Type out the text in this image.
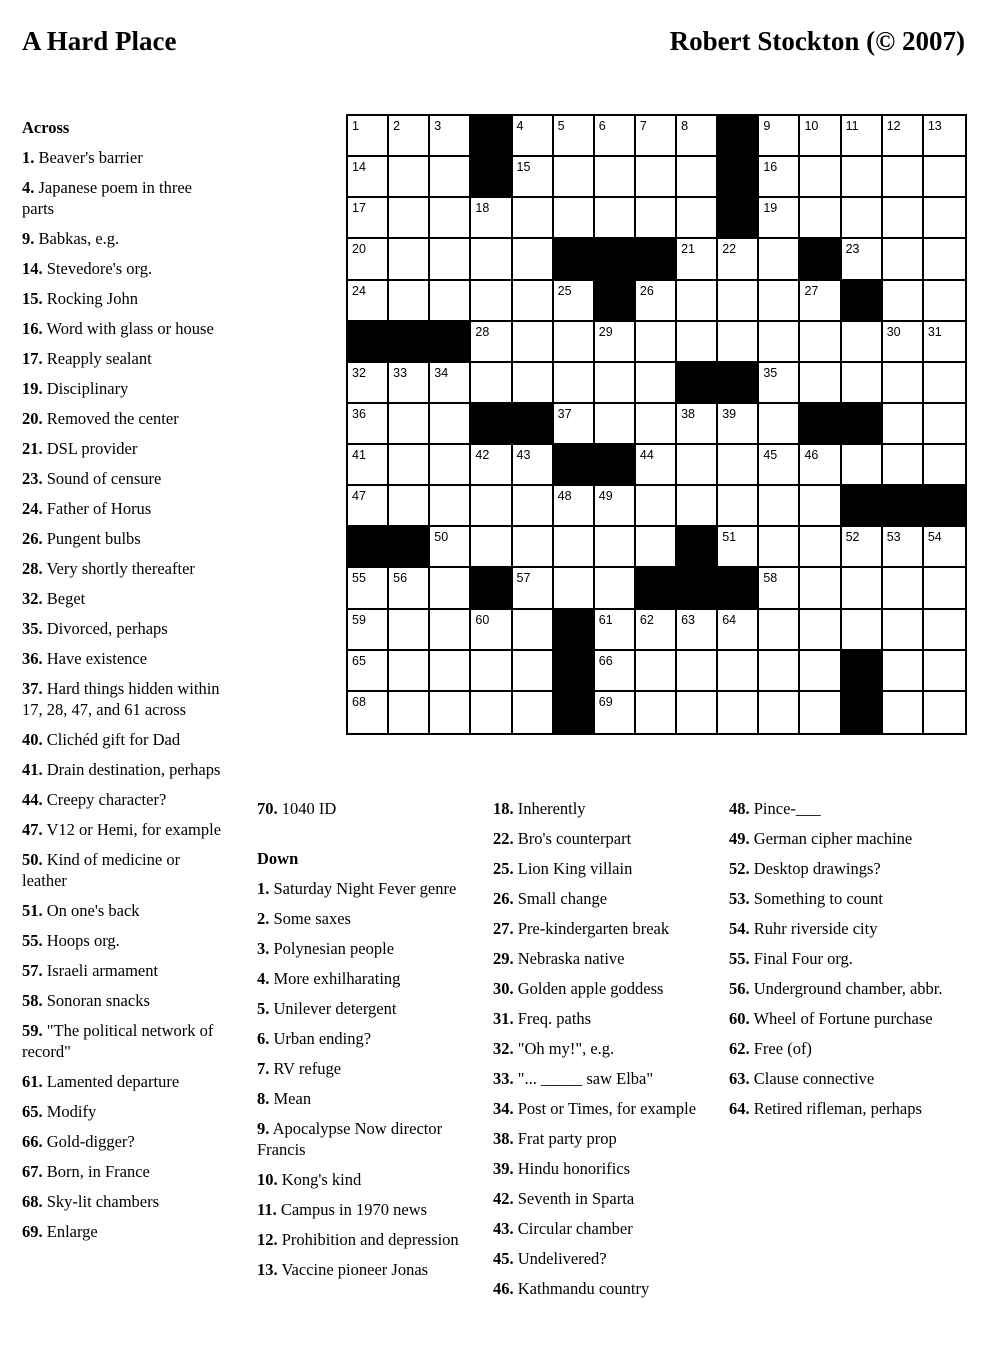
A Hard Place	Robert Stockton (© 2007)
Across
1. Beaver's barrier
4. Japanese poem in three parts
9. Babkas, e.g.
14. Stevedore's org.
15. Rocking John
16. Word with glass or house
17. Reapply sealant
19. Disciplinary
20. Removed the center
21. DSL provider
23. Sound of censure
24. Father of Horus
26. Pungent bulbs
28. Very shortly thereafter
32. Beget
35. Divorced, perhaps
36. Have existence
37. Hard things hidden within 17, 28, 47, and 61 across
40. Clichéd gift for Dad
41. Drain destination, perhaps
44. Creepy character?
47. V12 or Hemi, for example
50. Kind of medicine or leather
51. On one's back
55. Hoops org.
57. Israeli armament
58. Sonoran snacks
59. "The political network of record"
61. Lamented departure
65. Modify
66. Gold-digger?
67. Born, in France
68. Sky-lit chambers
69. Enlarge
70. 1040 ID
Down
1. Saturday Night Fever genre
2. Some saxes
3. Polynesian people
4. More exhilharating
5. Unilever detergent
6. Urban ending?
7. RV refuge
8. Mean
9. Apocalypse Now director Francis
10. Kong's kind
11. Campus in 1970 news
12. Prohibition and depression
13. Vaccine pioneer Jonas
18. Inherently
22. Bro's counterpart
25. Lion King villain
26. Small change
27. Pre-kindergarten break
29. Nebraska native
30. Golden apple goddess
31. Freq. paths
32. "Oh my!", e.g.
33. "... _____ saw Elba"
34. Post or Times, for example
38. Frat party prop
39. Hindu honorifics
42. Seventh in Sparta
43. Circular chamber
45. Undelivered?
46. Kathmandu country
48. Pince-___
49. German cipher machine
52. Desktop drawings?
53. Something to count
54. Ruhr riverside city
55. Final Four org.
56. Underground chamber, abbr.
60. Wheel of Fortune purchase
62. Free (of)
63. Clause connective
64. Retired rifleman, perhaps
1	2	3	4	5	6	7	8	9	10 11 12 13
14	15	16
17	18	19
20	21 22	23
24	25	26	27
28	29	30 31
32 33 34	35
36	37	38 39
41	42 43	44	45 46
47	48 49
50	51	52 53 54
55 56	57	58
59	60	61 62 63 64
65	66
68	69
